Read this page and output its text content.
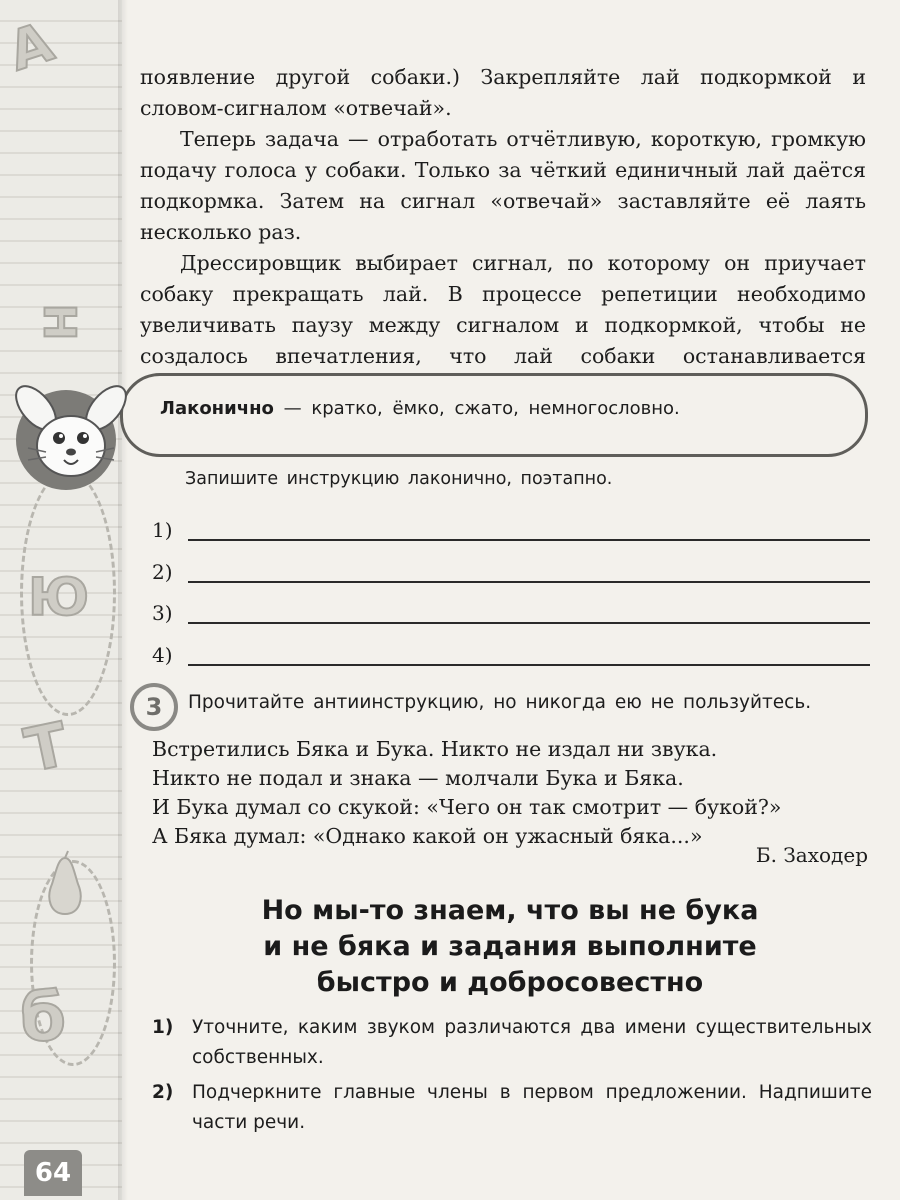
А
Н
Ю
Т
б
64

появление другой собаки.) Закрепляйте лай подкормкой и словом-сигналом «отвечай».

Теперь задача — отработать отчётливую, короткую, громкую подачу голоса у собаки. Только за чёткий единичный лай даётся подкормка. Затем на сигнал «отвечай» заставляйте её лаять несколько раз.

Дрессировщик выбирает сигнал, по которому он приучает собаку прекращать лай. В процессе репетиции необходимо увеличивать паузу между сигналом и подкормкой, чтобы не создалось впечатления, что лай собаки останавливается

Лаконично — кратко, ёмко, сжато, немногословно.
Запишите инструкцию лаконично, поэтапно.
1)
2)
3)
4)
3	Прочитайте антиинструкцию, но никогда ею не пользуйтесь.
Встретились Бяка и Бука. Никто не издал ни звука.
Никто не подал и знака — молчали Бука и Бяка.
И Бука думал со скукой: «Чего он так смотрит — букой?»
А Бяка думал: «Однако какой он ужасный бяка...»
Б. Заходер
Но мы-то знаем, что вы не бука
и не бяка и задания выполните
быстро и добросовестно
1) Уточните, каким звуком различаются два имени существительных собственных.
2) Подчеркните главные члены в первом предложении. Надпишите части речи.
